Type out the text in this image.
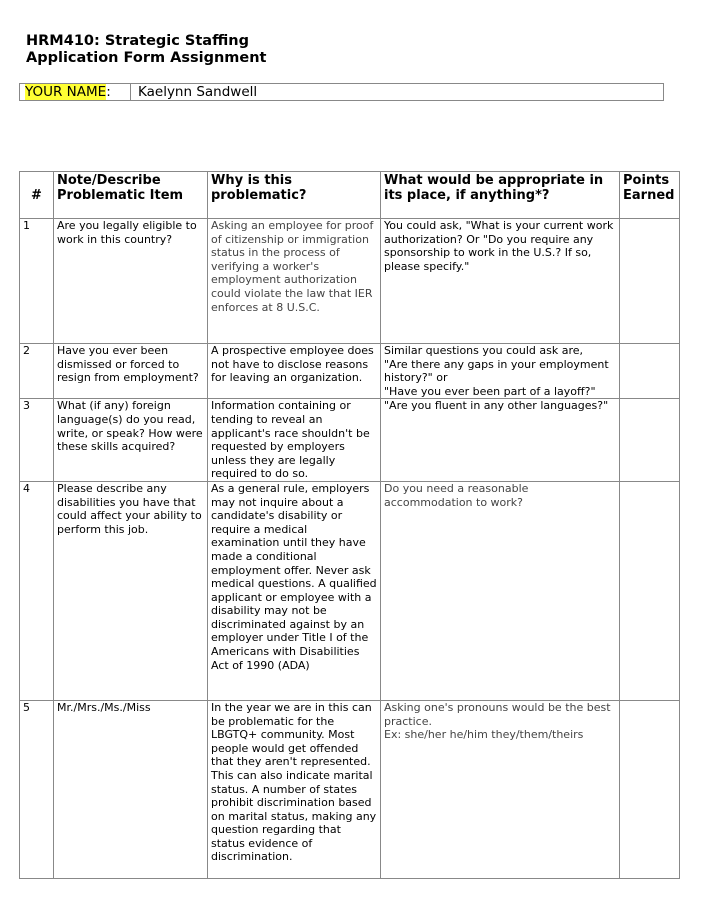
HRM410: Strategic Staffing
Application Form Assignment
YOUR NAME:	Kaelynn Sandwell
#	Note/Describe Problematic Item	Why is this problematic?	What would be appropriate in its place, if anything*?	Points Earned
1	Are you legally eligible to work in this country?	Asking an employee for proof of citizenship or immigration status in the process of verifying a worker's employment authorization could violate the law that IER enforces at 8 U.S.C.	You could ask, "What is your current work authorization? Or "Do you require any sponsorship to work in the U.S.? If so, please specify."	
2	Have you ever been dismissed or forced to resign from employment?	A prospective employee does not have to disclose reasons for leaving an organization.	Similar questions you could ask are,
"Are there any gaps in your employment history?" or
"Have you ever been part of a layoff?"	

3	What (if any) foreign language(s) do you read, write, or speak? How were these skills acquired?	Information containing or tending to reveal an applicant's race shouldn't be requested by employers unless they are legally required to do so.	"Are you fluent in any other languages?"	
4	Please describe any disabilities you have that could affect your ability to perform this job.	As a general rule, employers may not inquire about a candidate's disability or require a medical examination until they have made a conditional employment offer. Never ask medical questions. A qualified applicant or employee with a disability may not be discriminated against by an employer under Title I of the Americans with Disabilities Act of 1990 (ADA)	Do you need a reasonable accommodation to work?	
5	Mr./Mrs./Ms./Miss	In the year we are in this can be problematic for the LBGTQ+ community. Most people would get offended that they aren't represented. This can also indicate marital status. A number of states prohibit discrimination based on marital status, making any question regarding that status evidence of discrimination.	Asking one's pronouns would be the best practice.
Ex: she/her he/him they/them/theirs	
